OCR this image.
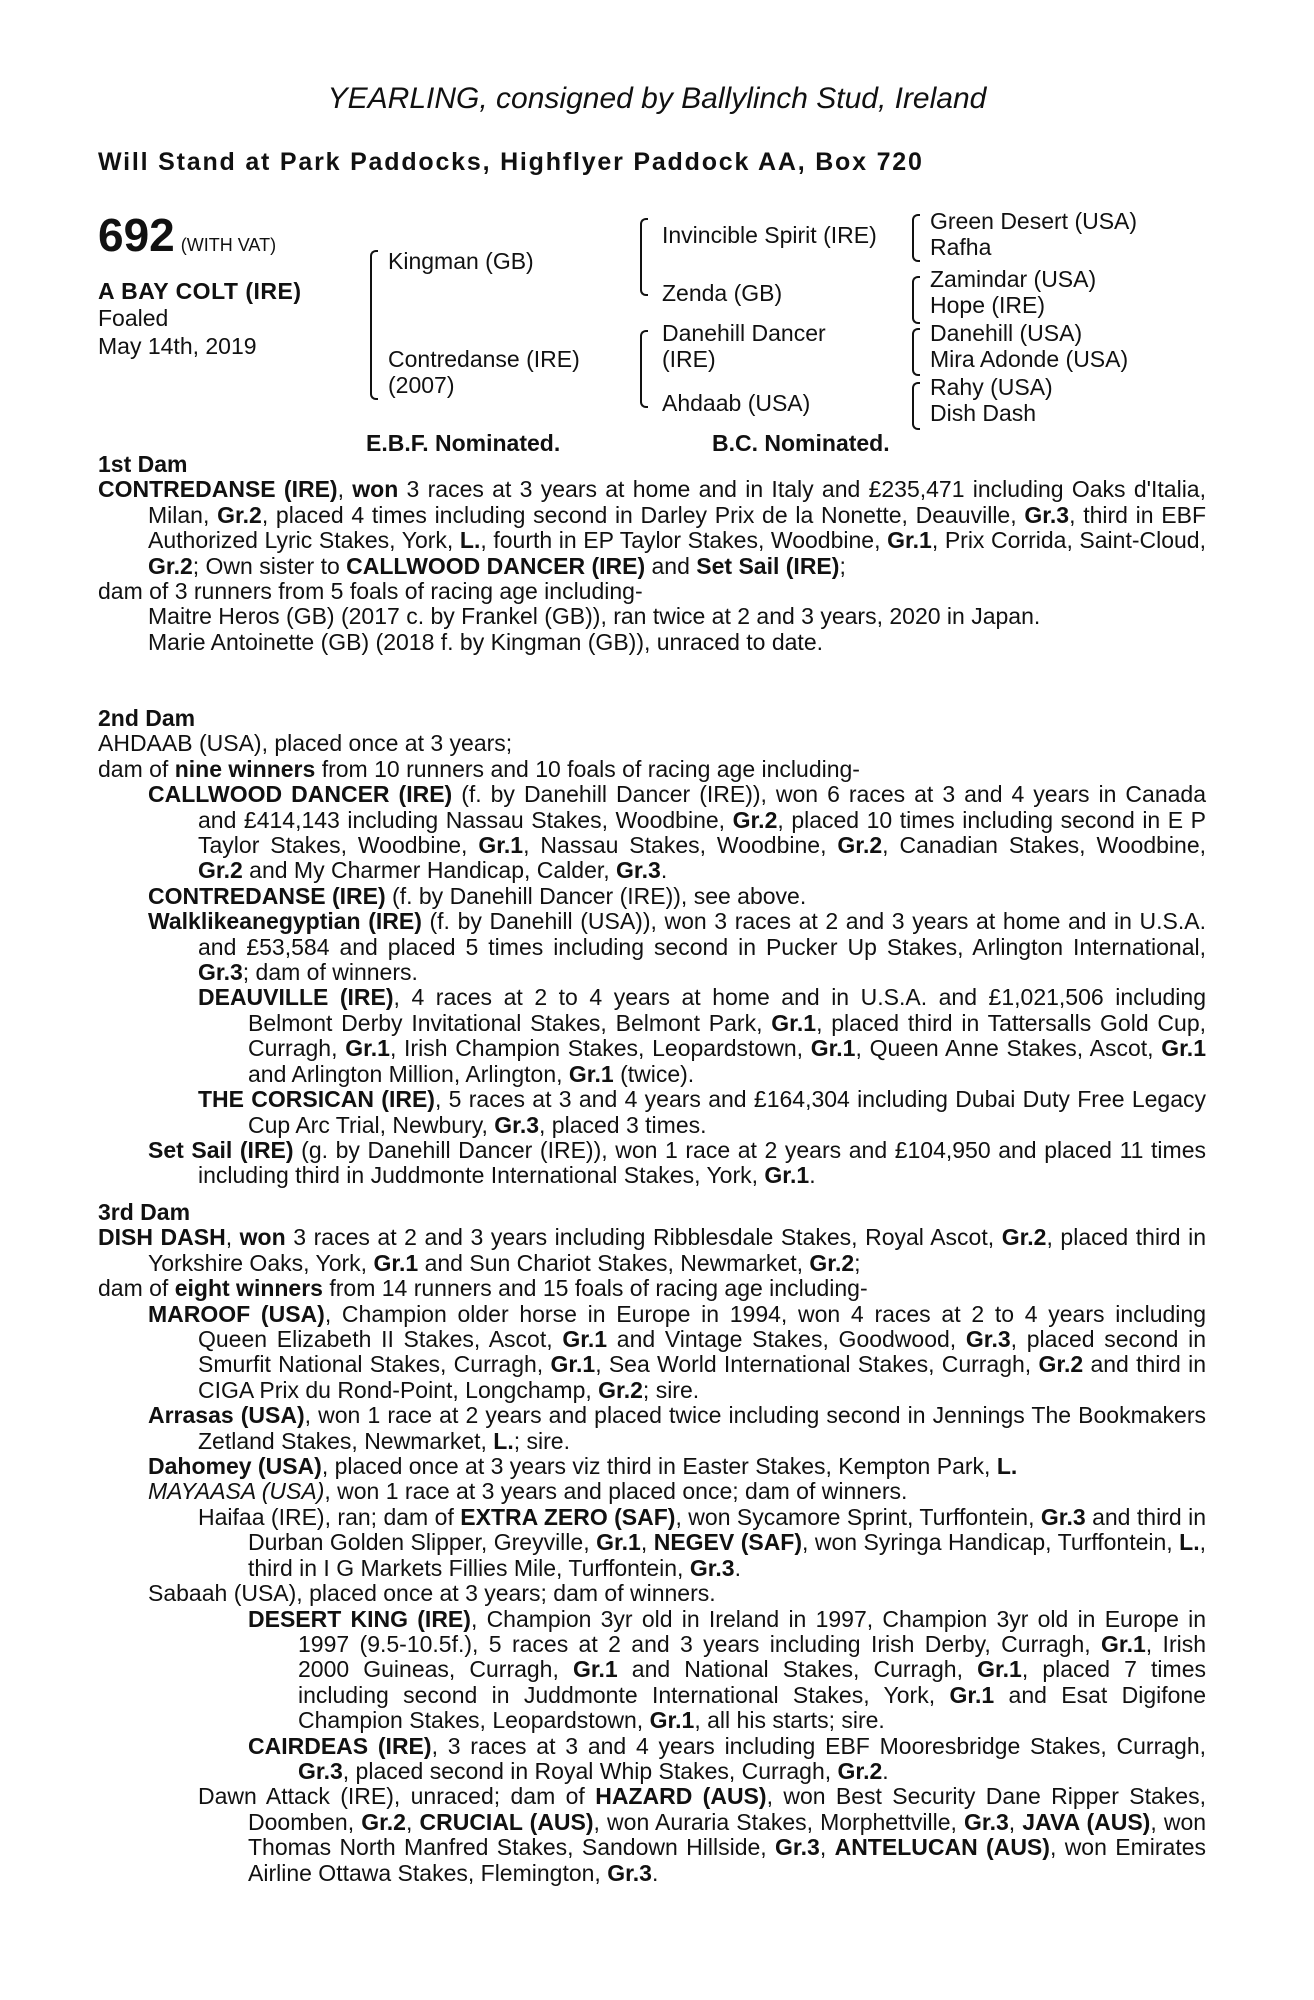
YEARLING, consigned by Ballylinch Stud, Ireland
Will Stand at Park Paddocks, Highflyer Paddock AA, Box 720
692 (WITH VAT)
A BAY COLT (IRE)
Foaled
May 14th, 2019
Kingman (GB)
Contredanse (IRE)
(2007)
Invincible Spirit (IRE)
Zenda (GB)
Danehill Dancer
(IRE)
Ahdaab (USA)
Green Desert (USA)
Rafha
Zamindar (USA)
Hope (IRE)
Danehill (USA)
Mira Adonde (USA)
Rahy (USA)
Dish Dash
E.B.F. Nominated.	B.C. Nominated.
1st Dam
CONTREDANSE (IRE), won 3 races at 3 years at home and in Italy and £235,471 including Oaks d'Italia, Milan, Gr.2, placed 4 times including second in Darley Prix de la Nonette, Deauville, Gr.3, third in EBF Authorized Lyric Stakes, York, L., fourth in EP Taylor Stakes, Woodbine, Gr.1, Prix Corrida, Saint-Cloud, Gr.2; Own sister to CALLWOOD DANCER (IRE) and Set Sail (IRE);
dam of 3 runners from 5 foals of racing age including-
Maitre Heros (GB) (2017 c. by Frankel (GB)), ran twice at 2 and 3 years, 2020 in Japan.
Marie Antoinette (GB) (2018 f. by Kingman (GB)), unraced to date.
2nd Dam
AHDAAB (USA), placed once at 3 years;
dam of nine winners from 10 runners and 10 foals of racing age including-
CALLWOOD DANCER (IRE) (f. by Danehill Dancer (IRE)), won 6 races at 3 and 4 years in Canada and £414,143 including Nassau Stakes, Woodbine, Gr.2, placed 10 times including second in E P Taylor Stakes, Woodbine, Gr.1, Nassau Stakes, Woodbine, Gr.2, Canadian Stakes, Woodbine, Gr.2 and My Charmer Handicap, Calder, Gr.3.
CONTREDANSE (IRE) (f. by Danehill Dancer (IRE)), see above.
Walklikeanegyptian (IRE) (f. by Danehill (USA)), won 3 races at 2 and 3 years at home and in U.S.A. and £53,584 and placed 5 times including second in Pucker Up Stakes, Arlington International, Gr.3; dam of winners.
DEAUVILLE (IRE), 4 races at 2 to 4 years at home and in U.S.A. and £1,021,506 including Belmont Derby Invitational Stakes, Belmont Park, Gr.1, placed third in Tattersalls Gold Cup, Curragh, Gr.1, Irish Champion Stakes, Leopardstown, Gr.1, Queen Anne Stakes, Ascot, Gr.1 and Arlington Million, Arlington, Gr.1 (twice).
THE CORSICAN (IRE), 5 races at 3 and 4 years and £164,304 including Dubai Duty Free Legacy Cup Arc Trial, Newbury, Gr.3, placed 3 times.
Set Sail (IRE) (g. by Danehill Dancer (IRE)), won 1 race at 2 years and £104,950 and placed 11 times including third in Juddmonte International Stakes, York, Gr.1.
3rd Dam
DISH DASH, won 3 races at 2 and 3 years including Ribblesdale Stakes, Royal Ascot, Gr.2, placed third in Yorkshire Oaks, York, Gr.1 and Sun Chariot Stakes, Newmarket, Gr.2;
dam of eight winners from 14 runners and 15 foals of racing age including-
MAROOF (USA), Champion older horse in Europe in 1994, won 4 races at 2 to 4 years including Queen Elizabeth II Stakes, Ascot, Gr.1 and Vintage Stakes, Goodwood, Gr.3, placed second in Smurfit National Stakes, Curragh, Gr.1, Sea World International Stakes, Curragh, Gr.2 and third in CIGA Prix du Rond-Point, Longchamp, Gr.2; sire.
Arrasas (USA), won 1 race at 2 years and placed twice including second in Jennings The Bookmakers Zetland Stakes, Newmarket, L.; sire.
Dahomey (USA), placed once at 3 years viz third in Easter Stakes, Kempton Park, L.
MAYAASA (USA), won 1 race at 3 years and placed once; dam of winners.
Haifaa (IRE), ran; dam of EXTRA ZERO (SAF), won Sycamore Sprint, Turffontein, Gr.3 and third in Durban Golden Slipper, Greyville, Gr.1, NEGEV (SAF), won Syringa Handicap, Turffontein, L., third in I G Markets Fillies Mile, Turffontein, Gr.3.
Sabaah (USA), placed once at 3 years; dam of winners.
DESERT KING (IRE), Champion 3yr old in Ireland in 1997, Champion 3yr old in Europe in 1997 (9.5-10.5f.), 5 races at 2 and 3 years including Irish Derby, Curragh, Gr.1, Irish 2000 Guineas, Curragh, Gr.1 and National Stakes, Curragh, Gr.1, placed 7 times including second in Juddmonte International Stakes, York, Gr.1 and Esat Digifone Champion Stakes, Leopardstown, Gr.1, all his starts; sire.
CAIRDEAS (IRE), 3 races at 3 and 4 years including EBF Mooresbridge Stakes, Curragh, Gr.3, placed second in Royal Whip Stakes, Curragh, Gr.2.
Dawn Attack (IRE), unraced; dam of HAZARD (AUS), won Best Security Dane Ripper Stakes, Doomben, Gr.2, CRUCIAL (AUS), won Auraria Stakes, Morphettville, Gr.3, JAVA (AUS), won Thomas North Manfred Stakes, Sandown Hillside, Gr.3, ANTELUCAN (AUS), won Emirates Airline Ottawa Stakes, Flemington, Gr.3.
